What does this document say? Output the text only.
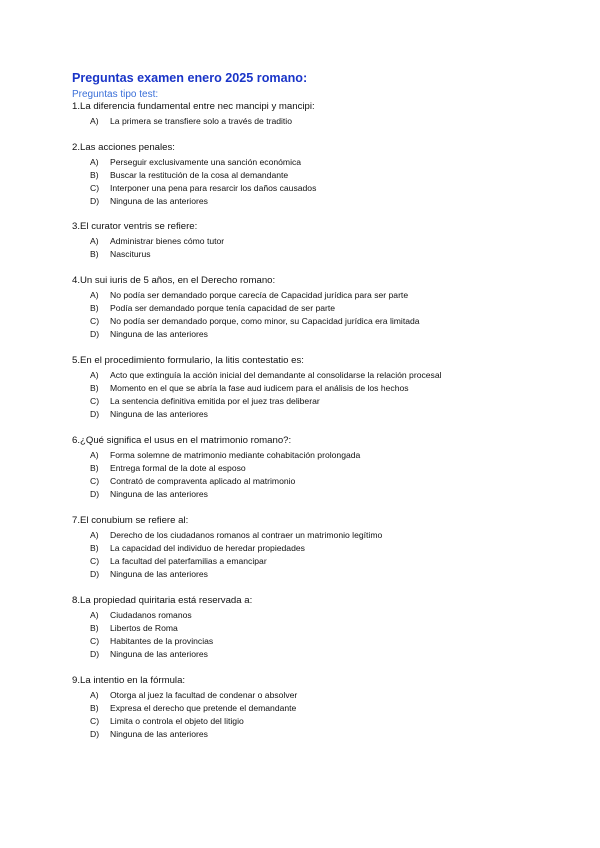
Preguntas examen enero 2025 romano:
Preguntas tipo test:
1.La diferencia fundamental entre nec mancipi y mancipi:
A) La primera se transfiere solo a través de traditio
2.Las acciones penales:
A) Perseguir exclusivamente una sanción económica
B) Buscar la restitución de la cosa al demandante
C) Interponer una pena para resarcir los daños causados
D) Ninguna de las anteriores
3.El curator ventris se refiere:
A) Administrar bienes cómo tutor
B) Nasciturus
4.Un sui iuris de 5 años, en el Derecho romano:
A) No podía ser demandado porque carecía de Capacidad jurídica para ser parte
B) Podía ser demandado porque tenía capacidad de ser parte
C) No podía ser demandado porque, como minor, su Capacidad jurídica era limitada
D) Ninguna de las anteriores
5.En el procedimiento formulario, la litis contestatio es:
A) Acto que extinguía la acción inicial del demandante al consolidarse la relación procesal
B) Momento en el que se abría la fase aud iudicem para el análisis de los hechos
C) La sentencia definitiva emitida por el juez tras deliberar
D) Ninguna de las anteriores
6.¿Qué significa el usus en el matrimonio romano?:
A) Forma solemne de matrimonio mediante cohabitación prolongada
B) Entrega formal de la dote al esposo
C) Contrató de compraventa aplicado al matrimonio
D) Ninguna de las anteriores
7.El conubium se refiere al:
A) Derecho de los ciudadanos romanos al contraer un matrimonio legítimo
B) La capacidad del individuo de heredar propiedades
C) La facultad del paterfamilias a emancipar
D) Ninguna de las anteriores
8.La propiedad quiritaria está reservada a:
A) Ciudadanos romanos
B) Libertos de Roma
C) Habitantes de la provincias
D) Ninguna de las anteriores
9.La intentio en la fórmula:
A) Otorga al juez la facultad de condenar o absolver
B) Expresa el derecho que pretende el demandante
C) Limita o controla el objeto del litigio
D) Ninguna de las anteriores
